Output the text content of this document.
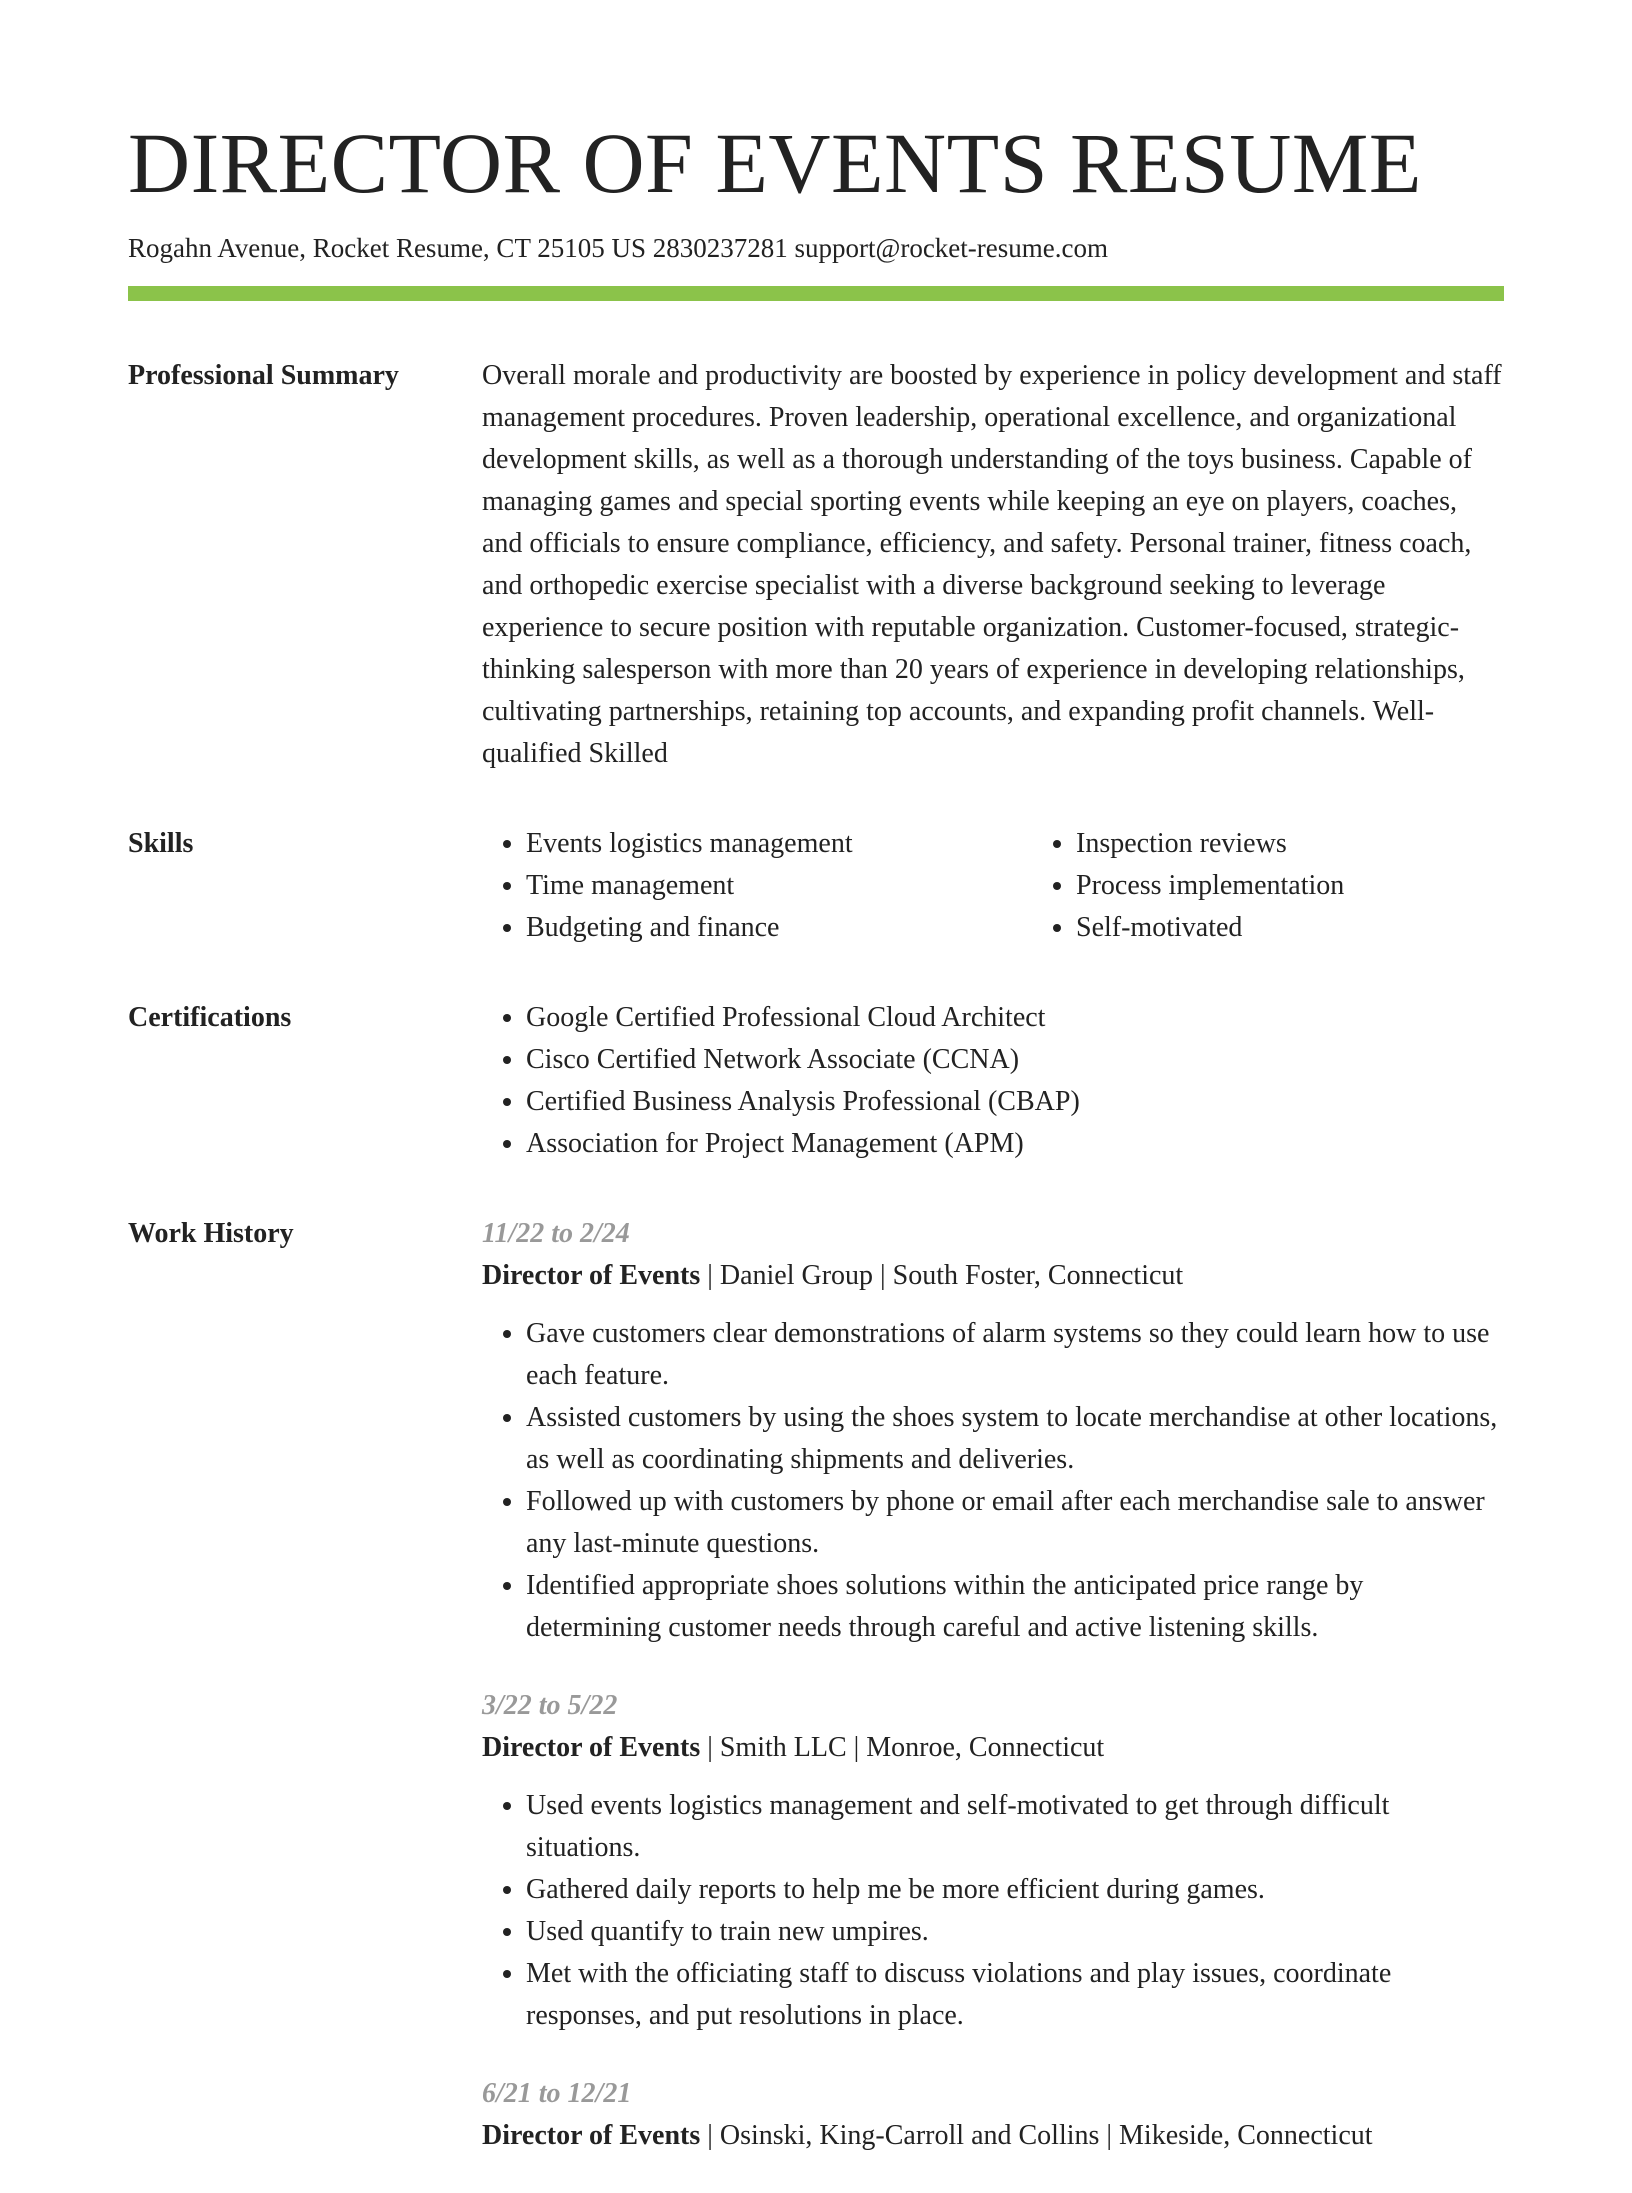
DIRECTOR OF EVENTS RESUME
Rogahn Avenue, Rocket Resume, CT 25105 US 2830237281 support@rocket-resume.com
Professional Summary	Overall morale and productivity are boosted by experience in policy development and staff management procedures. Proven leadership, operational excellence, and organizational development skills, as well as a thorough understanding of the toys business. Capable of managing games and special sporting events while keeping an eye on players, coaches, and officials to ensure compliance, efficiency, and safety. Personal trainer, fitness coach, and orthopedic exercise specialist with a diverse background seeking to leverage experience to secure position with reputable organization. Customer-focused, strategic-thinking salesperson with more than 20 years of experience in developing relationships, cultivating partnerships, retaining top accounts, and expanding profit channels. Well-qualified Skilled

Skills	• Events logistics management
• Time management
• Budgeting and finance
• Inspection reviews
• Process implementation
• Self-motivated
Certifications	• Google Certified Professional Cloud Architect
• Cisco Certified Network Associate (CCNA)
• Certified Business Analysis Professional (CBAP)
• Association for Project Management (APM)
Work History	11/22 to 2/24
Director of Events | Daniel Group | South Foster, Connecticut
• Gave customers clear demonstrations of alarm systems so they could learn how to use each feature.
• Assisted customers by using the shoes system to locate merchandise at other locations, as well as coordinating shipments and deliveries.
• Followed up with customers by phone or email after each merchandise sale to answer any last-minute questions.
• Identified appropriate shoes solutions within the anticipated price range by determining customer needs through careful and active listening skills.
3/22 to 5/22
Director of Events | Smith LLC | Monroe, Connecticut
• Used events logistics management and self-motivated to get through difficult situations.
• Gathered daily reports to help me be more efficient during games.
• Used quantify to train new umpires.
• Met with the officiating staff to discuss violations and play issues, coordinate responses, and put resolutions in place.
6/21 to 12/21
Director of Events | Osinski, King-Carroll and Collins | Mikeside, Connecticut
